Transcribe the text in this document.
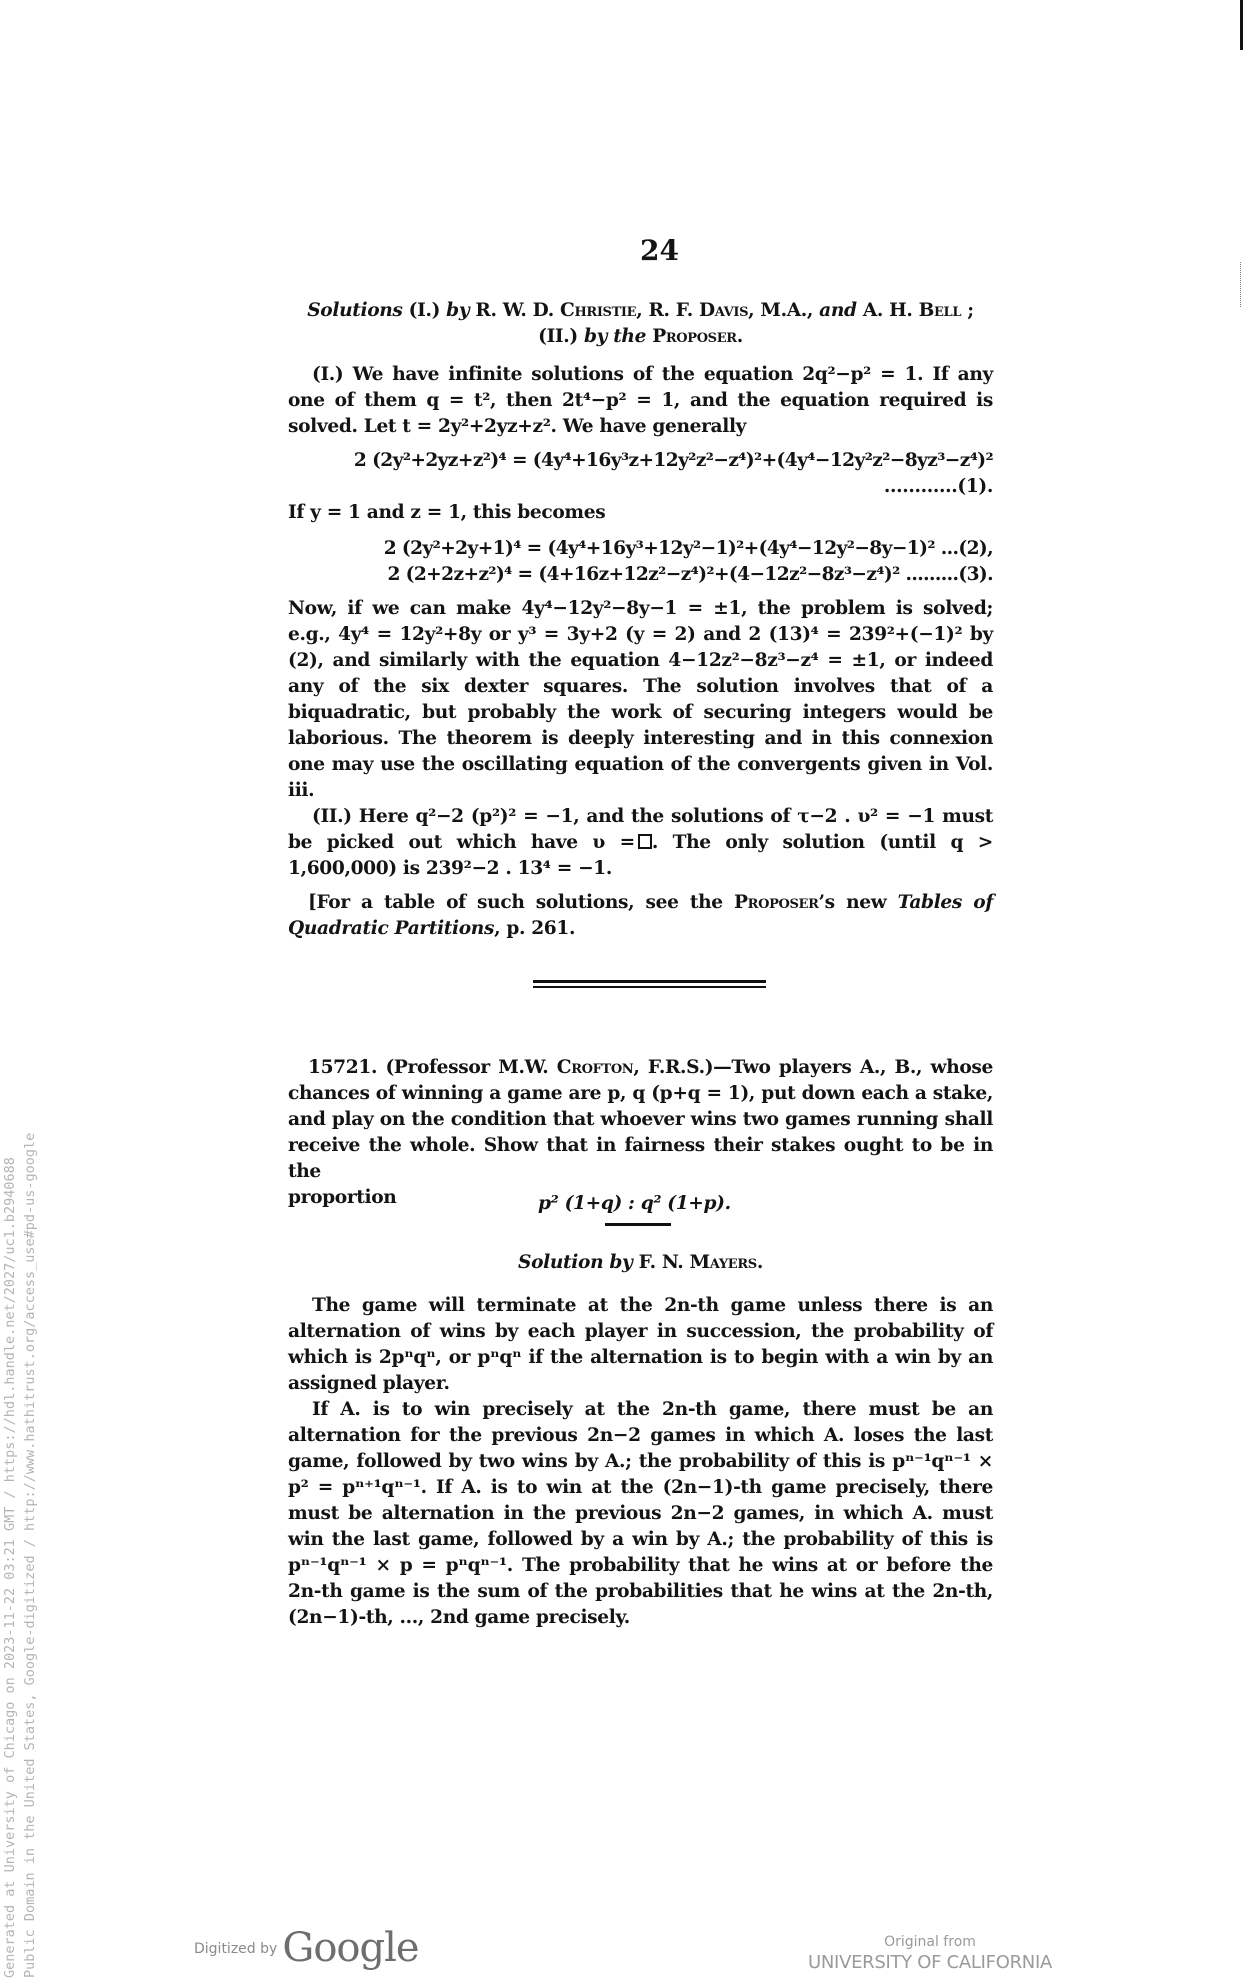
24

Solutions (I.) by R. W. D. Christie, R. F. Davis, M.A., and A. H. Bell ;

(II.) by the Proposer.

(I.) We have infinite solutions of the equation 2q²−p² = 1. If any one of them q = t², then 2t⁴−p² = 1, and the equation required is solved. Let t = 2y²+2yz+z². We have generally

2 (2y²+2yz+z²)⁴ = (4y⁴+16y³z+12y²z²−z⁴)²+(4y⁴−12y²z²−8yz³−z⁴)²

............(1).

If y = 1 and z = 1, this becomes

2 (2y²+2y+1)⁴ = (4y⁴+16y³+12y²−1)²+(4y⁴−12y²−8y−1)² ...(2),

2 (2+2z+z²)⁴ = (4+16z+12z²−z⁴)²+(4−12z²−8z³−z⁴)² .........(3).

Now, if we can make 4y⁴−12y²−8y−1 = ±1, the problem is solved; e.g., 4y⁴ = 12y²+8y or y³ = 3y+2 (y = 2) and 2 (13)⁴ = 239²+(−1)² by (2), and similarly with the equation 4−12z²−8z³−z⁴ = ±1, or indeed any of the six dexter squares. The solution involves that of a biquadratic, but probably the work of securing integers would be laborious. The theorem is deeply interesting and in this connexion one may use the oscillating equation of the convergents given in Vol. iii.

(II.) Here q²−2 (p²)² = −1, and the solutions of τ−2 . υ² = −1 must be picked out which have υ = . The only solution (until q > 1,600,000) is 239²−2 . 13⁴ = −1.

[For a table of such solutions, see the Proposer’s new Tables of Quadratic Partitions, p. 261.

15721. (Professor M.W. Crofton, F.R.S.)—Two players A., B., whose chances of winning a game are p, q (p+q = 1), put down each a stake, and play on the condition that whoever wins two games running shall receive the whole. Show that in fairness their stakes ought to be in the

proportion	p² (1+q) : q² (1+p).

Solution by F. N. Mayers.

The game will terminate at the 2n-th game unless there is an alternation of wins by each player in succession, the probability of which is 2pⁿqⁿ, or pⁿqⁿ if the alternation is to begin with a win by an assigned player.

If A. is to win precisely at the 2n-th game, there must be an alternation for the previous 2n−2 games in which A. loses the last game, followed by two wins by A.; the probability of this is pⁿ⁻¹qⁿ⁻¹ × p² = pⁿ⁺¹qⁿ⁻¹. If A. is to win at the (2n−1)-th game precisely, there must be alternation in the previous 2n−2 games, in which A. must win the last game, followed by a win by A.; the probability of this is pⁿ⁻¹qⁿ⁻¹ × p = pⁿqⁿ⁻¹. The probability that he wins at or before the 2n-th game is the sum of the probabilities that he wins at the 2n-th, (2n−1)-th, ..., 2nd game precisely.

Generated at University of Chicago on 2023-11-22 03:21 GMT / https://hdl.handle.net/2027/uc1.b2940688 Public Domain in the United States, Google-digitized / http://www.hathitrust.org/access_use#pd-us-google	Digitized by Google	Original from
UNIVERSITY OF CALIFORNIA
